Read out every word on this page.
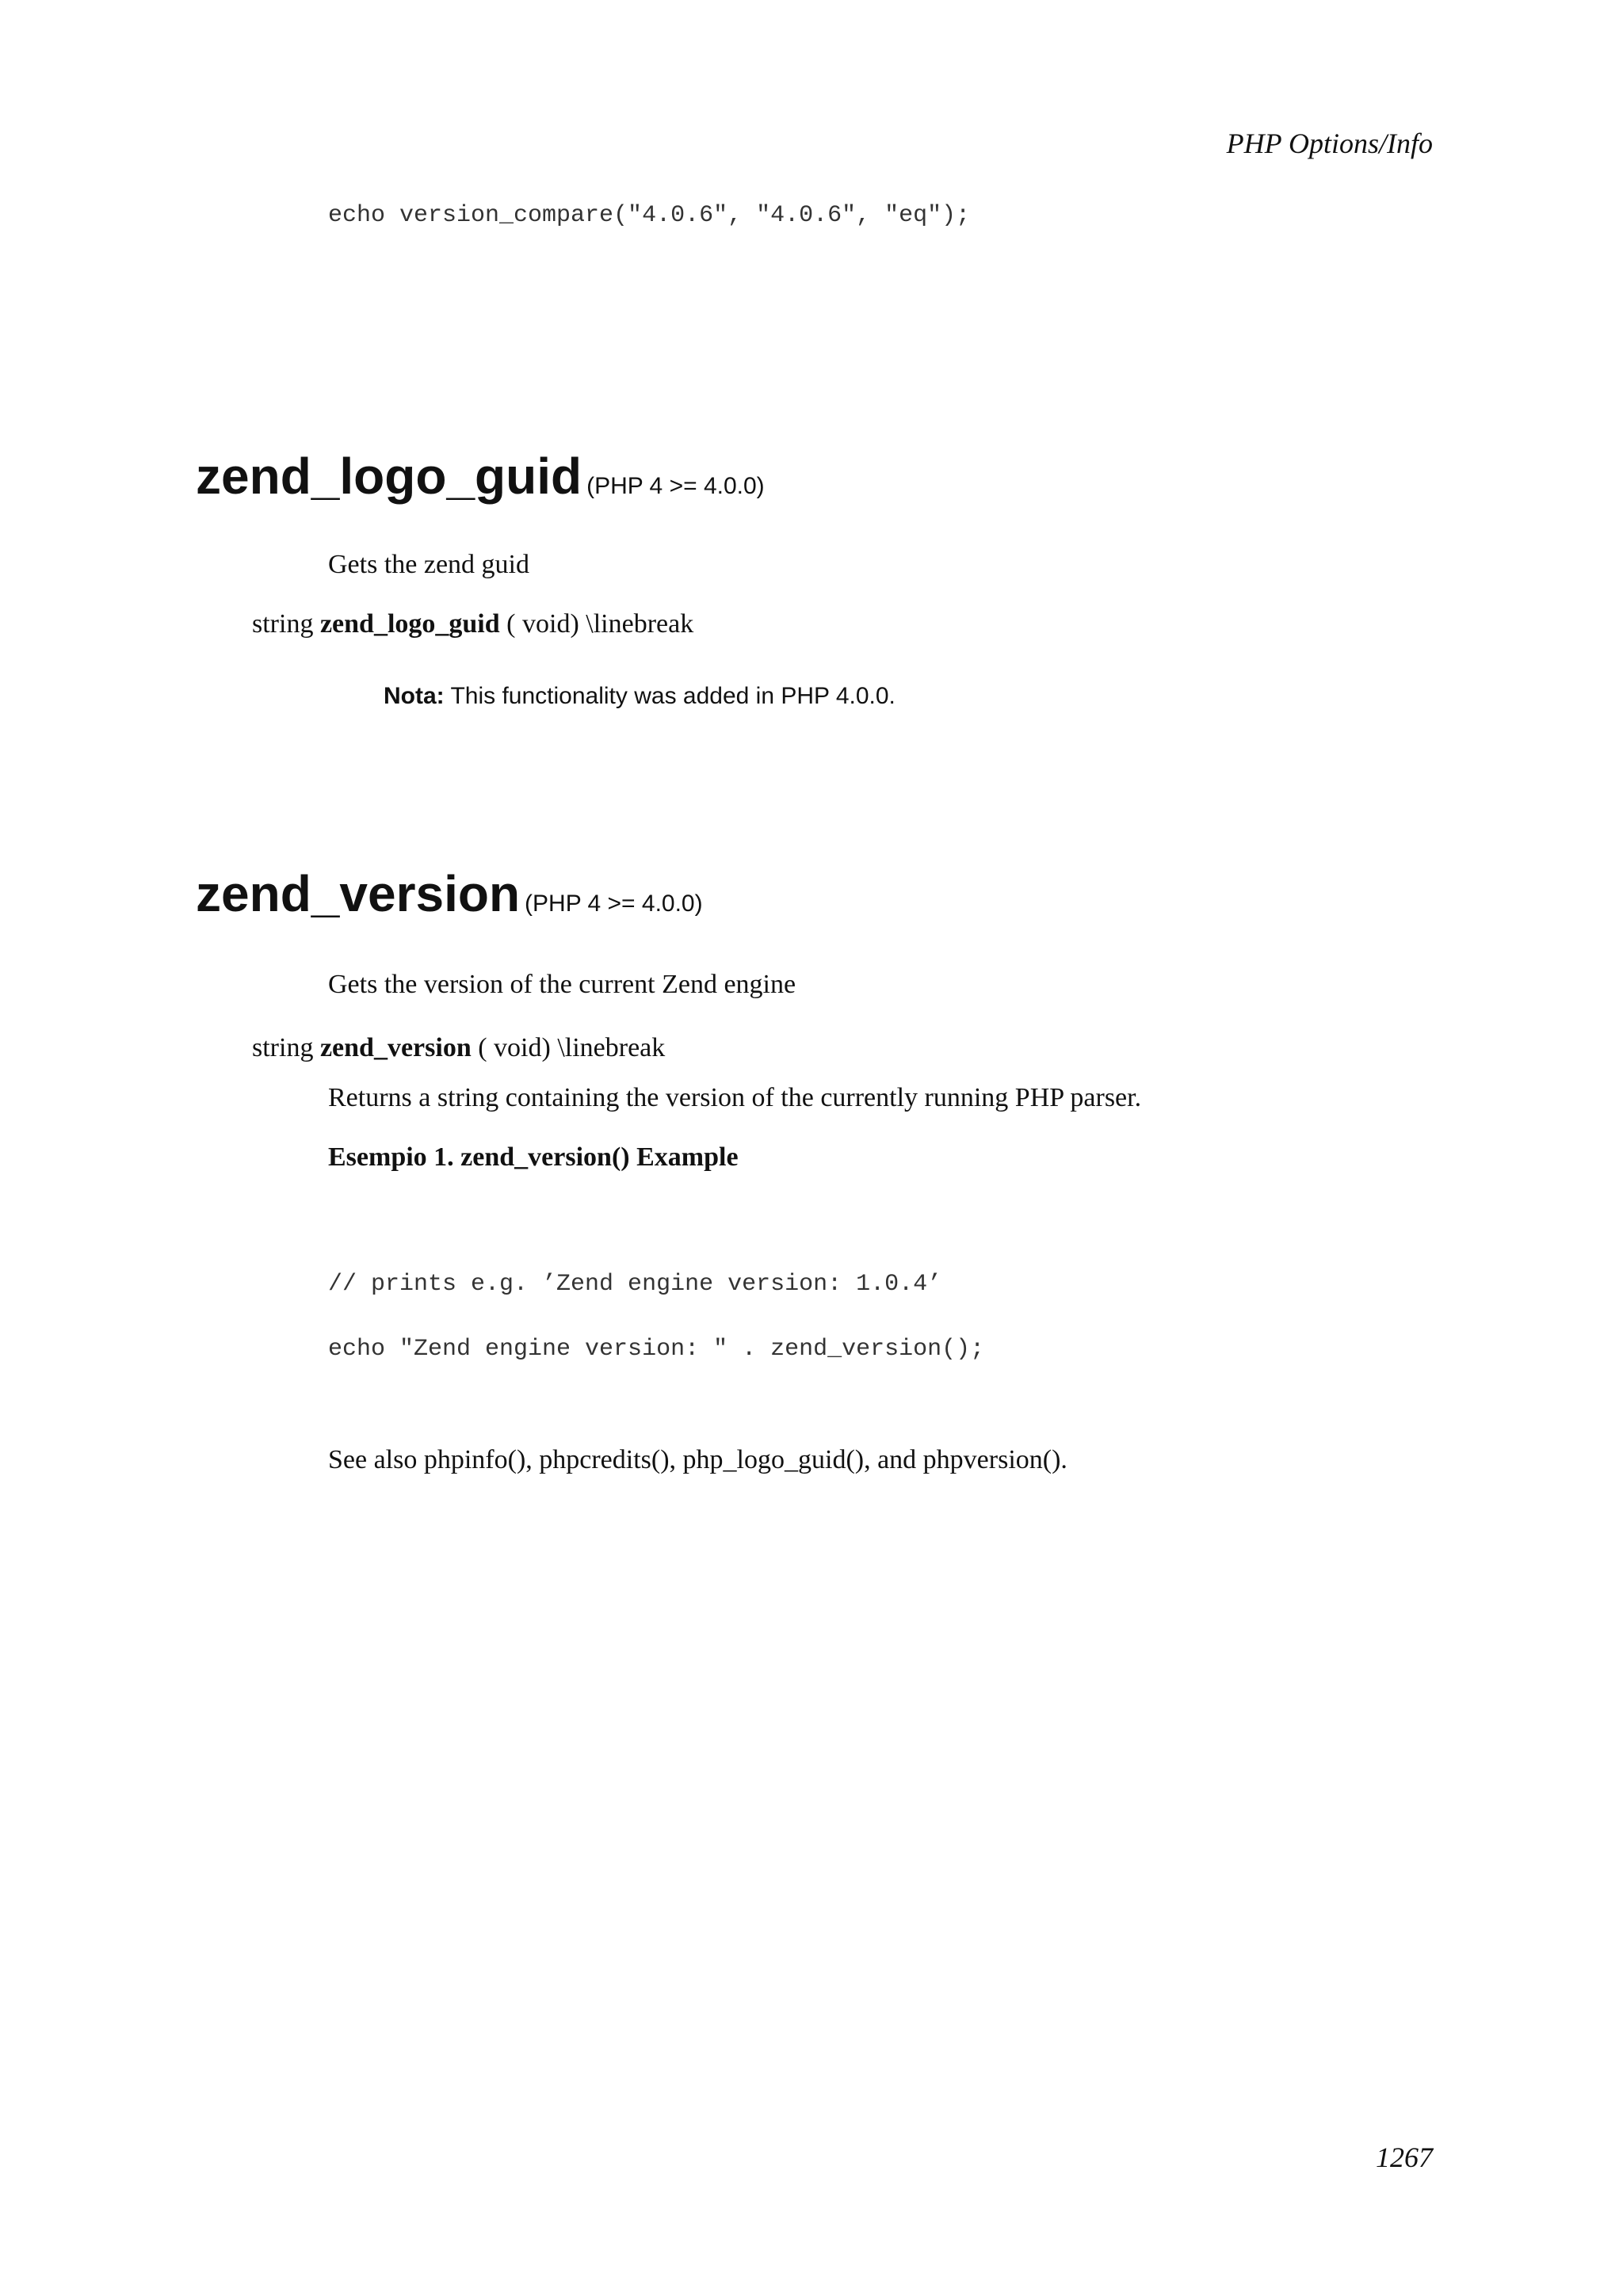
PHP Options/Info
echo version_compare("4.0.6", "4.0.6", "eq");
zend_logo_guid (PHP 4 >= 4.0.0)
Gets the zend guid
string zend_logo_guid ( void) \linebreak
Nota: This functionality was added in PHP 4.0.0.
zend_version (PHP 4 >= 4.0.0)
Gets the version of the current Zend engine
string zend_version ( void) \linebreak
Returns a string containing the version of the currently running PHP parser.
Esempio 1. zend_version() Example

// prints e.g. ’Zend engine version: 1.0.4’

echo "Zend engine version: " . zend_version();

See also phpinfo(), phpcredits(), php_logo_guid(), and phpversion().
1267
